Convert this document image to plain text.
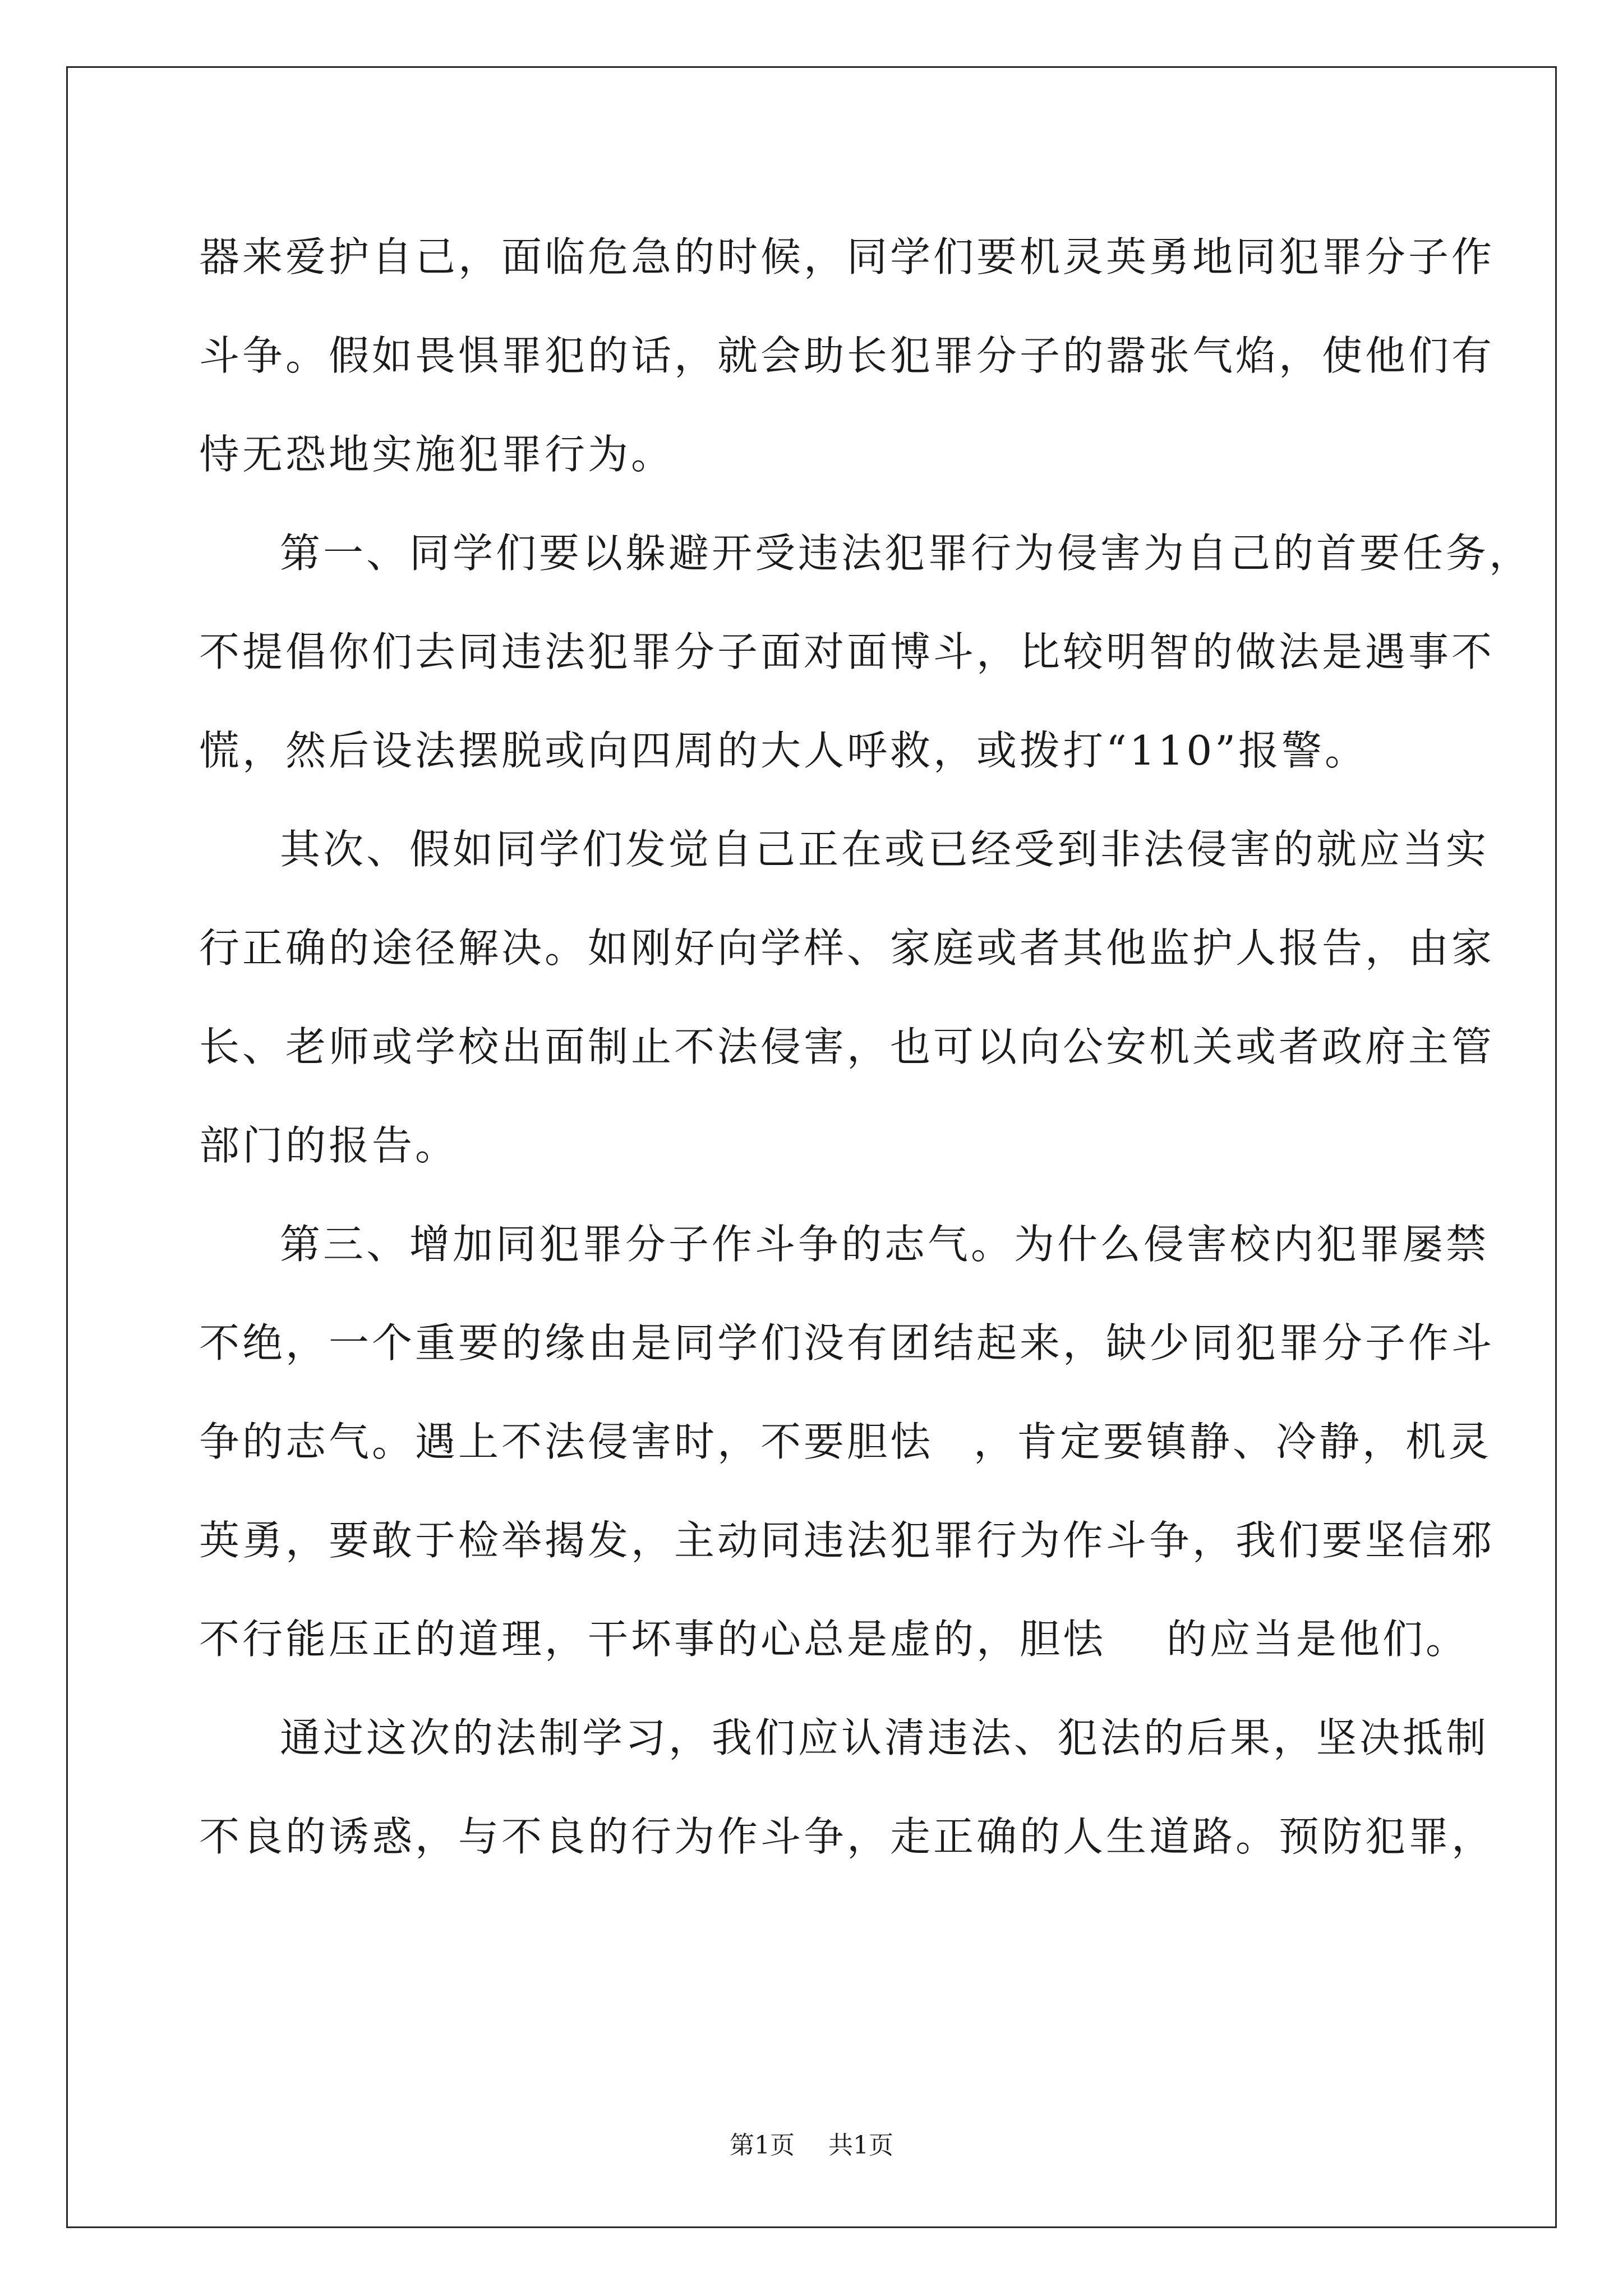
器来爱护自己，面临危急的时候，同学们要机灵英勇地同犯罪分子作
斗争。假如畏惧罪犯的话，就会助长犯罪分子的嚣张气焰，使他们有
恃无恐地实施犯罪行为。
第一、同学们要以躲避开受违法犯罪行为侵害为自己的首要任务，
不提倡你们去同违法犯罪分子面对面博斗，比较明智的做法是遇事不
慌，然后设法摆脱或向四周的大人呼救，或拨打“110”报警。
其次、假如同学们发觉自己正在或已经受到非法侵害的就应当实
行正确的途径解决。如刚好向学样、家庭或者其他监护人报告，由家
长、老师或学校出面制止不法侵害，也可以向公安机关或者政府主管
部门的报告。
第三、增加同犯罪分子作斗争的志气。为什么侵害校内犯罪屡禁
不绝，一个重要的缘由是同学们没有团结起来，缺少同犯罪分子作斗
争的志气。遇上不法侵害时，不要胆怯 ，肯定要镇静、冷静，机灵
英勇，要敢于检举揭发，主动同违法犯罪行为作斗争，我们要坚信邪
不行能压正的道理，干坏事的心总是虚的，胆怯 的应当是他们。
通过这次的法制学习，我们应认清违法、犯法的后果，坚决抵制
不良的诱惑，与不良的行为作斗争，走正确的人生道路。预防犯罪，
第1页 共1页
